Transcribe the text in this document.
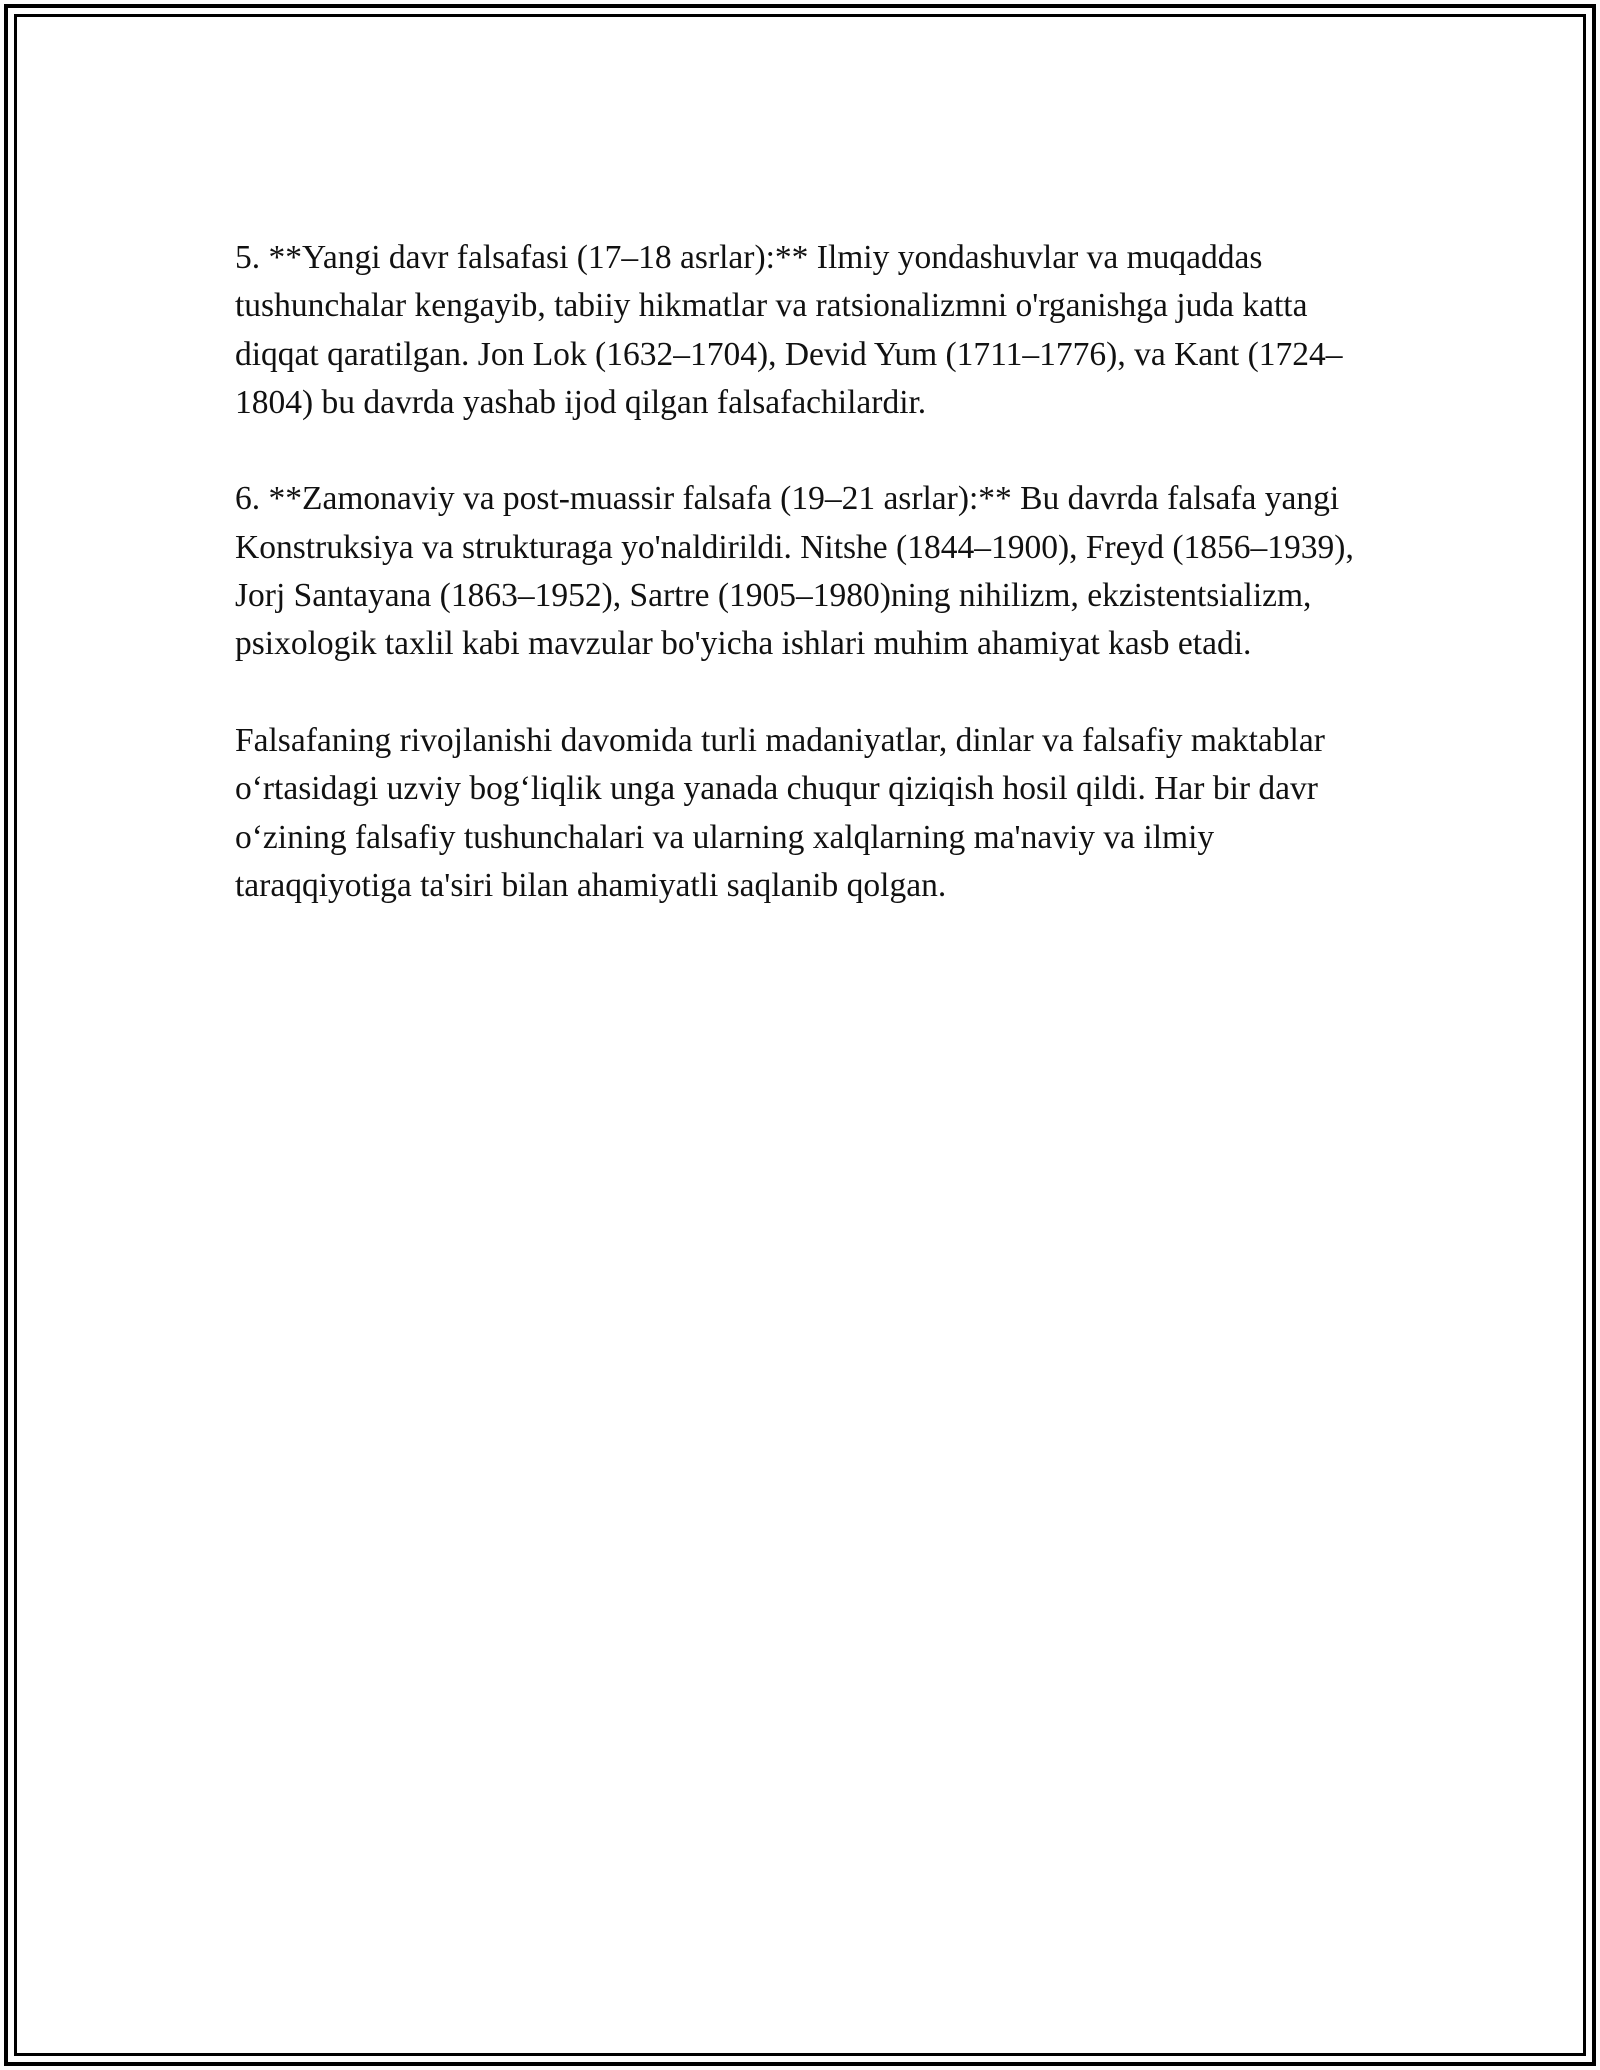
5. **Yangi davr falsafasi (17–18 asrlar):** Ilmiy yondashuvlar va muqaddas tushunchalar kengayib, tabiiy hikmatlar va ratsionalizmni o'rganishga juda katta diqqat qaratilgan. Jon Lok (1632–1704), Devid Yum (1711–1776), va Kant (1724–1804) bu davrda yashab ijod qilgan falsafachilardir.

6. **Zamonaviy va post-muassir falsafa (19–21 asrlar):** Bu davrda falsafa yangi Konstruksiya va strukturaga yo'naldirildi. Nitshe (1844–1900), Freyd (1856–1939), Jorj Santayana (1863–1952), Sartre (1905–1980)ning nihilizm, ekzistentsializm, psixologik taxlil kabi mavzular bo'yicha ishlari muhim ahamiyat kasb etadi.

Falsafaning rivojlanishi davomida turli madaniyatlar, dinlar va falsafiy maktablar oʻrtasidagi uzviy bogʻliqlik unga yanada chuqur qiziqish hosil qildi. Har bir davr oʻzining falsafiy tushunchalari va ularning xalqlarning ma'naviy va ilmiy taraqqiyotiga ta'siri bilan ahamiyatli saqlanib qolgan.
